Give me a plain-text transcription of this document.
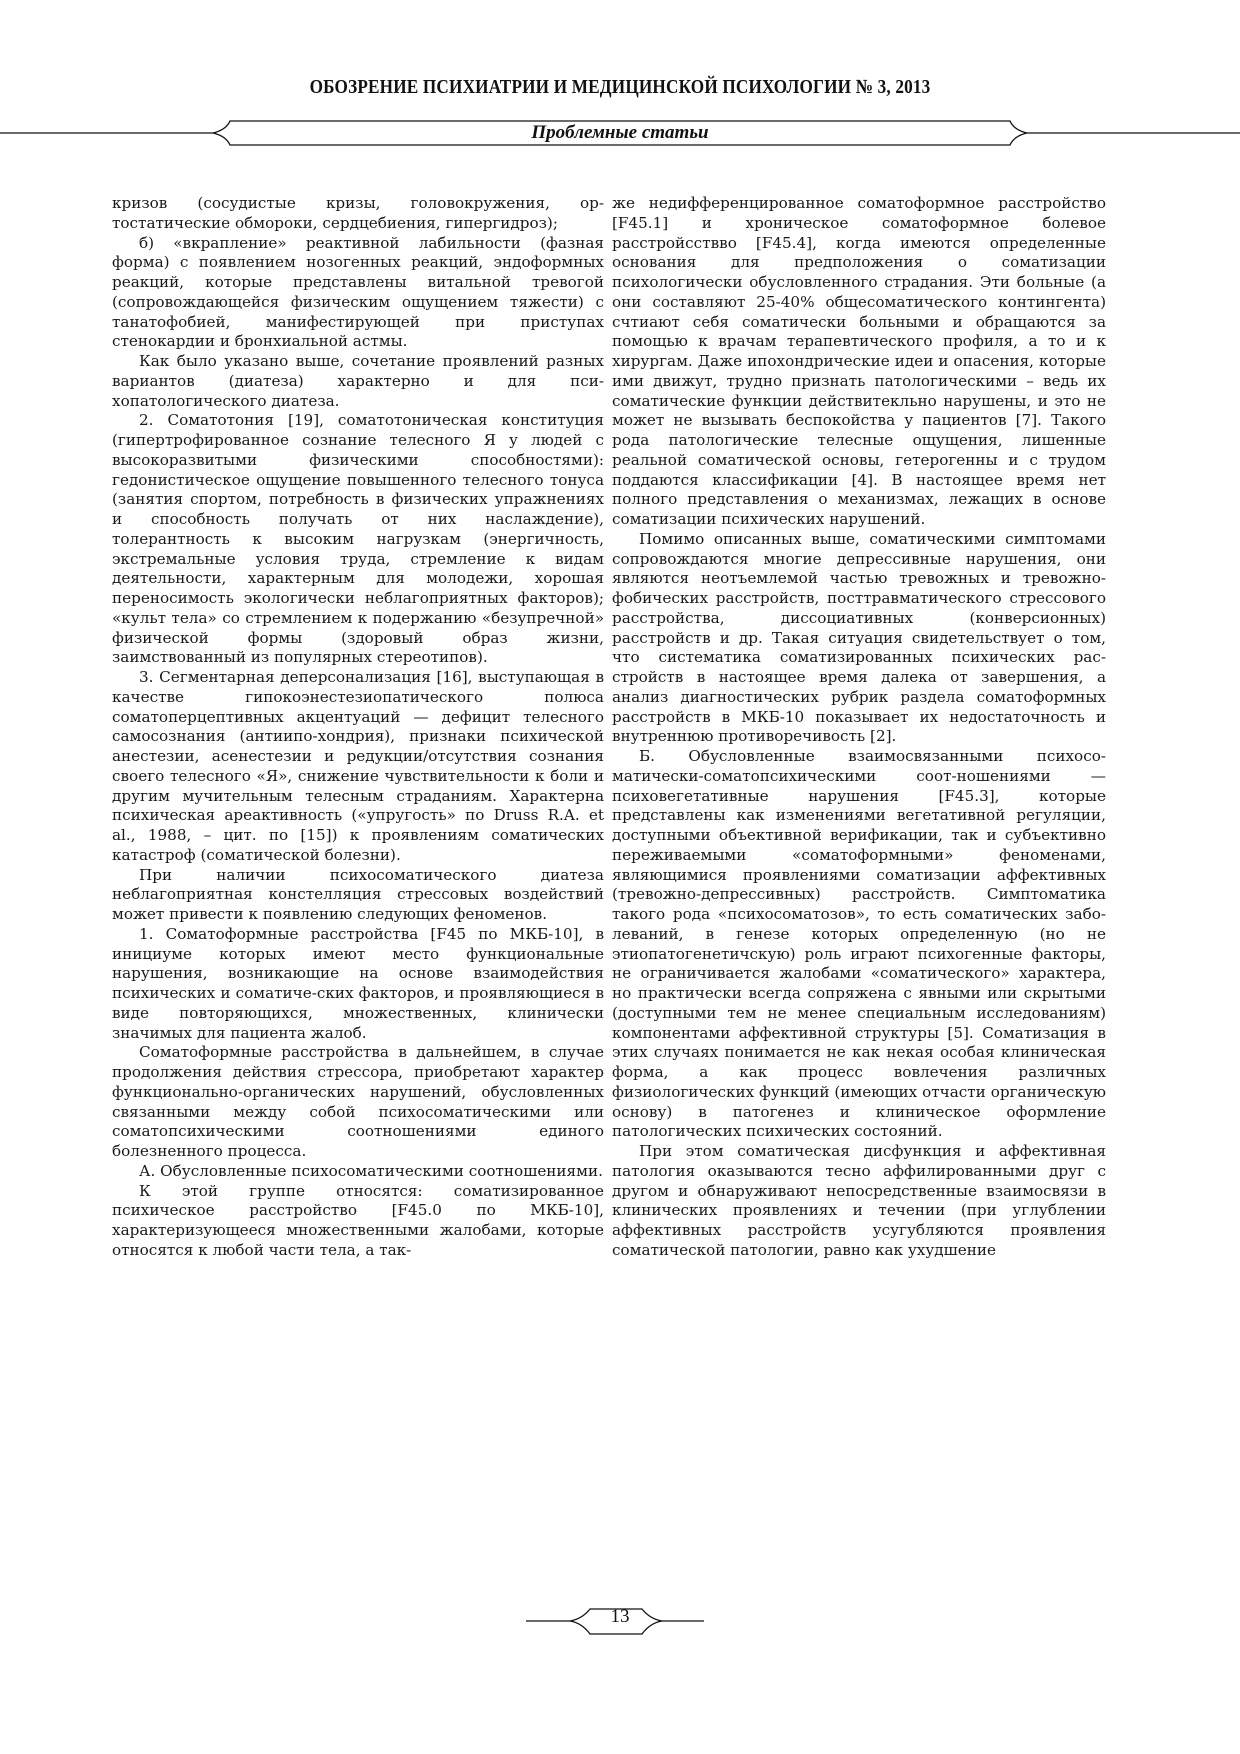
ОБОЗРЕНИЕ ПСИХИАТРИИ И МЕДИЦИНСКОЙ ПСИХОЛОГИИ № 3, 2013
Проблемные статьи

кризов (сосудистые кризы, головокружения, ортостатические обмороки, сердцебиения, гипергидроз);

б) «вкрапление» реактивной лабильности (фазная форма) с появлением нозогенных реакций, эндоформных реакций, которые представлены витальной тревогой (сопровождающейся физическим ощущением тяжести) с танатофобией, манифестирующей при приступах стенокардии и бронхиальной астмы.

Как было указано выше, сочетание проявлений разных вариантов (диатеза) характерно и для психопатологического диатеза.

2. Соматотония [19], соматотоническая конституция (гипертрофированное сознание телесного Я у людей с высокоразвитыми физическими способностями): гедонистическое ощущение повышенного телесного тонуса (занятия спортом, потребность в физических упражнениях и способность получать от них наслаждение), толерантность к высоким нагрузкам (энергичность, экстремальные условия труда, стремление к видам деятельности, характерным для молодежи, хорошая переносимость экологически неблагоприятных факторов); «культ тела» со стремлением к подержанию «безупречной» физической формы (здоровый образ жизни, заимствованный из популярных стереотипов).

3. Сегментарная деперсонализация [16], выступающая в качестве гипокоэнестезиопатического полюса соматоперцептивных акцентуаций — дефицит телесного самосознания (антиипо-хондрия), признаки психической анестезии, асенестезии и редукции/отсутствия сознания своего телесного «Я», снижение чувствительности к боли и другим мучительным телесным страданиям. Характерна психическая ареактивность («упругость» по Druss R.A. et al., 1988, – цит. по [15]) к проявлениям соматических катастроф (соматической болезни).

При наличии психосоматического диатеза неблагоприятная констелляция стрессовых воздействий может привести к появлению следующих феноменов.

1. Соматоформные расстройства [F45 по МКБ-10], в инициуме которых имеют место функциональные нарушения, возникающие на основе взаимодействия психических и соматиче-ских факторов, и проявляющиеся в виде повторяющихся, множественных, клинически значимых для пациента жалоб.

Соматоформные расстройства в дальнейшем, в случае продолжения действия стрессора, приобретают характер функционально-органических нарушений, обусловленных связанными между собой психосоматическими или соматопсихическими соотношениями единого болезненного процесса.

А. Обусловленные психосоматическими соотношениями.

К этой группе относятся: соматизированное психическое расстройство [F45.0 по МКБ-10], характеризующееся множественными жалобами, которые относятся к любой части тела, а так-

же недифференцированное соматоформное расстройство [F45.1] и хроническое соматоформное болевое расстройсcтвво [F45.4], когда имеются определенные основания для предположения о соматизации психологически обусловленного страдания. Эти больные (а они составляют 25-40% общесоматического контингента) счтиают себя соматически больными и обращаются за помощью к врачам терапевтического профиля, а то и к хирургам. Даже ипохондрические идеи и опасения, которые ими движут, трудно признать патологическими – ведь их соматические функции действитекльно нарушены, и это не может не вызывать беспокойства у пациентов [7]. Такого рода патологические телесные ощущения, лишенные реальной соматической основы, гетерогенны и с трудом поддаются классификации [4]. В настоящее время нет полного представления о механизмах, лежащих в основе соматизации психических нарушений.

Помимо описанных выше, соматическими симптомами сопровождаются многие депрессивные нарушения, они являются неотъемлемой частью тревожных и тревожно-фобических расстройств, посттравматического стрессового расстройства, диссоциативных (конверсионных) расстройств и др. Такая ситуация свидетельствует о том, что систематика соматизированных психических расстройств в настоящее время далека от завершения, а анализ диагностических рубрик раздела соматоформных расстройств в МКБ-10 показывает их недостаточность и внутреннюю противоречивость [2].

Б. Обусловленные взаимосвязанными психосоматически-соматопсихическими соот-ношениями — психовегетативные нарушения [F45.3], которые представлены как изменениями вегетативной регуляции, доступными объективной верификации, так и субъективно переживаемыми «соматоформными» феноменами, являющимися проявлениями соматизации аффективных (тревожно-депрессивных) расстройств. Симптоматика такого рода «психосоматозов», то есть соматических заболеваний, в генезе которых определенную (но не этиопатогенетичскую) роль играют психогенные факторы, не ограничивается жалобами «соматического» характера, но практически всегда сопряжена с явными или скрытыми (доступными тем не менее специальным исследованиям) компонентами аффективной структуры [5]. Соматизация в этих случаях понимается не как некая особая клиническая форма, а как процесс вовлечения различных физиологических функций (имеющих отчасти органическую основу) в патогенез и клиническое оформление патологических психических состояний.

При этом соматическая дисфункция и аффективная патология оказываются тесно аффилированными друг с другом и обнаруживают непосредственные взаимосвязи в клинических проявлениях и течении (при углублении аффективных расстройств усугубляются проявления соматической патологии, равно как ухудшение

13
